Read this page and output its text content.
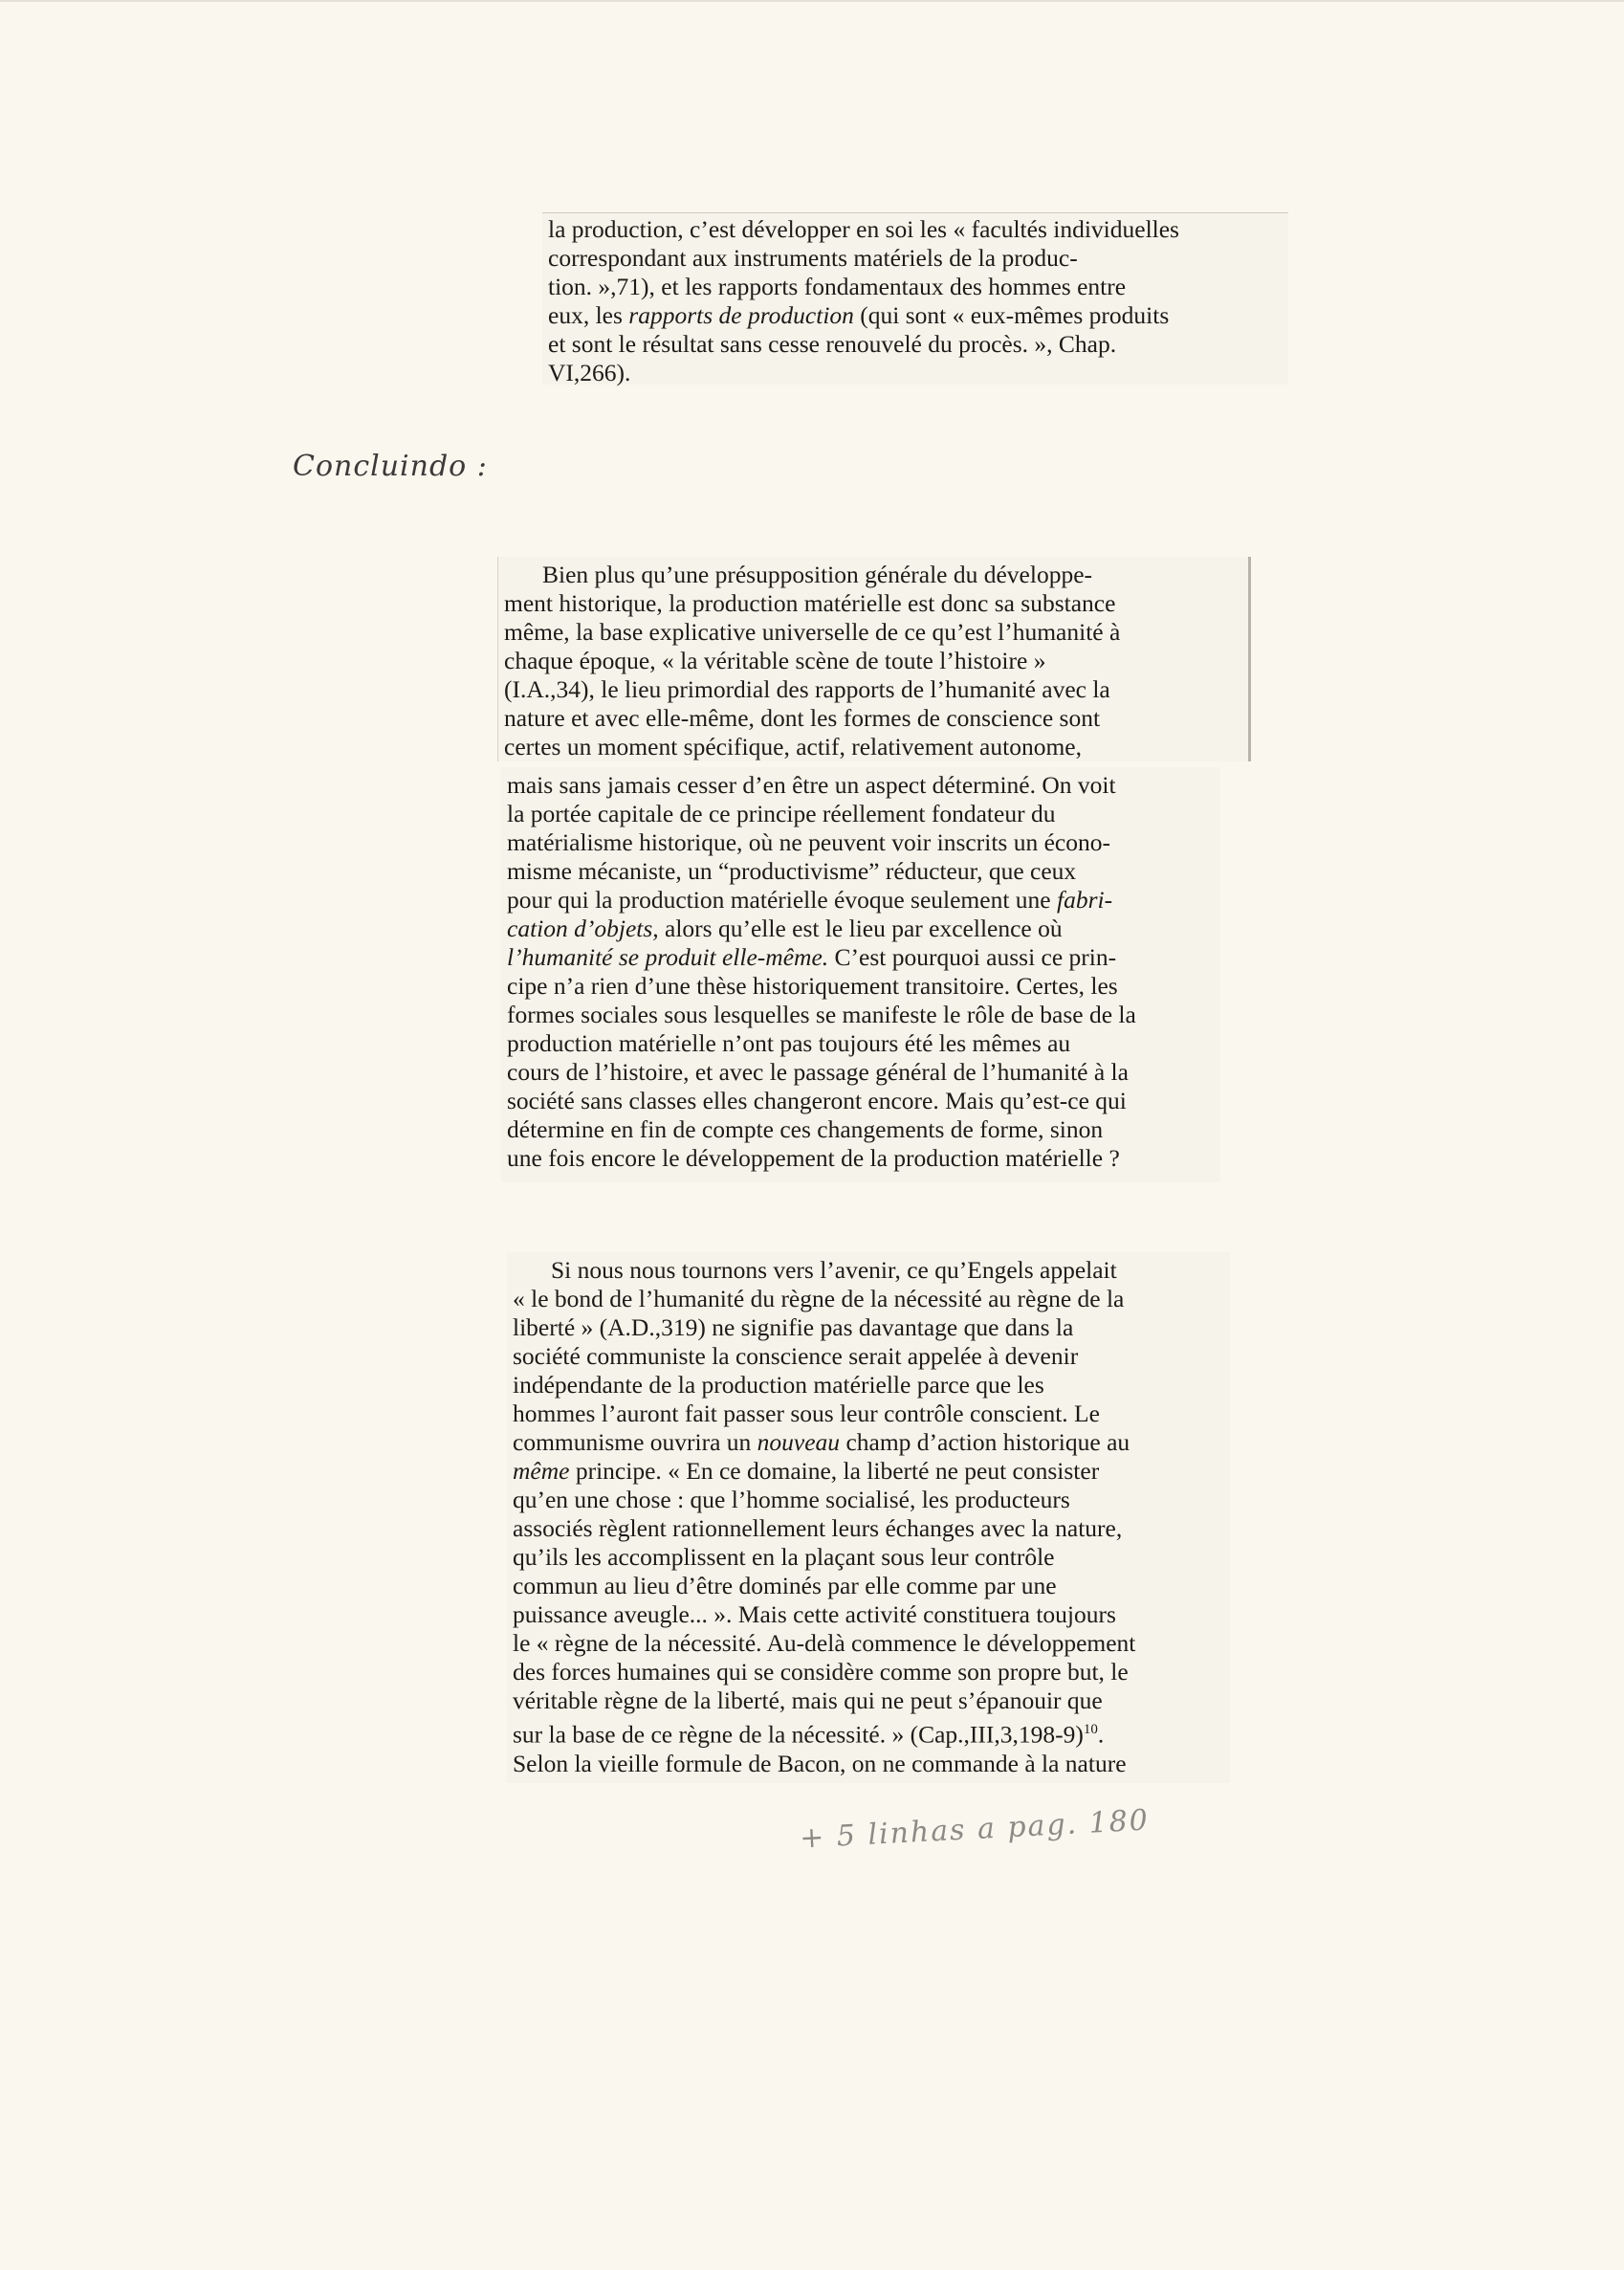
la production, c’est développer en soi les « facultés individuelles

correspondant aux instruments matériels de la produc-

tion. »,71), et les rapports fondamentaux des hommes entre

eux, les rapports de production (qui sont « eux-mêmes produits

et sont le résultat sans cesse renouvelé du procès. », Chap.

VI,266).

Concluindo :

Bien plus qu’une présupposition générale du développe-

ment historique, la production matérielle est donc sa substance

même, la base explicative universelle de ce qu’est l’humanité à

chaque époque, « la véritable scène de toute l’histoire »

(I.A.,34), le lieu primordial des rapports de l’humanité avec la

nature et avec elle-même, dont les formes de conscience sont

certes un moment spécifique, actif, relativement autonome,

mais sans jamais cesser d’en être un aspect déterminé. On voit

la portée capitale de ce principe réellement fondateur du

matérialisme historique, où ne peuvent voir inscrits un écono-

misme mécaniste, un “productivisme” réducteur, que ceux

pour qui la production matérielle évoque seulement une fabri-

cation d’objets, alors qu’elle est le lieu par excellence où

l’humanité se produit elle-même. C’est pourquoi aussi ce prin-

cipe n’a rien d’une thèse historiquement transitoire. Certes, les

formes sociales sous lesquelles se manifeste le rôle de base de la

production matérielle n’ont pas toujours été les mêmes au

cours de l’histoire, et avec le passage général de l’humanité à la

société sans classes elles changeront encore. Mais qu’est-ce qui

détermine en fin de compte ces changements de forme, sinon

une fois encore le développement de la production matérielle ?

Si nous nous tournons vers l’avenir, ce qu’Engels appelait

« le bond de l’humanité du règne de la nécessité au règne de la

liberté » (A.D.,319) ne signifie pas davantage que dans la

société communiste la conscience serait appelée à devenir

indépendante de la production matérielle parce que les

hommes l’auront fait passer sous leur contrôle conscient. Le

communisme ouvrira un nouveau champ d’action historique au

même principe. « En ce domaine, la liberté ne peut consister

qu’en une chose : que l’homme socialisé, les producteurs

associés règlent rationnellement leurs échanges avec la nature,

qu’ils les accomplissent en la plaçant sous leur contrôle

commun au lieu d’être dominés par elle comme par une

puissance aveugle... ». Mais cette activité constituera toujours

le « règne de la nécessité. Au-delà commence le développement

des forces humaines qui se considère comme son propre but, le

véritable règne de la liberté, mais qui ne peut s’épanouir que

sur la base de ce règne de la nécessité. » $(Cap.,III,3,198-9)^{10}$.

Selon la vieille formule de Bacon, on ne commande à la nature

+ 5 linhas a pag. 180
